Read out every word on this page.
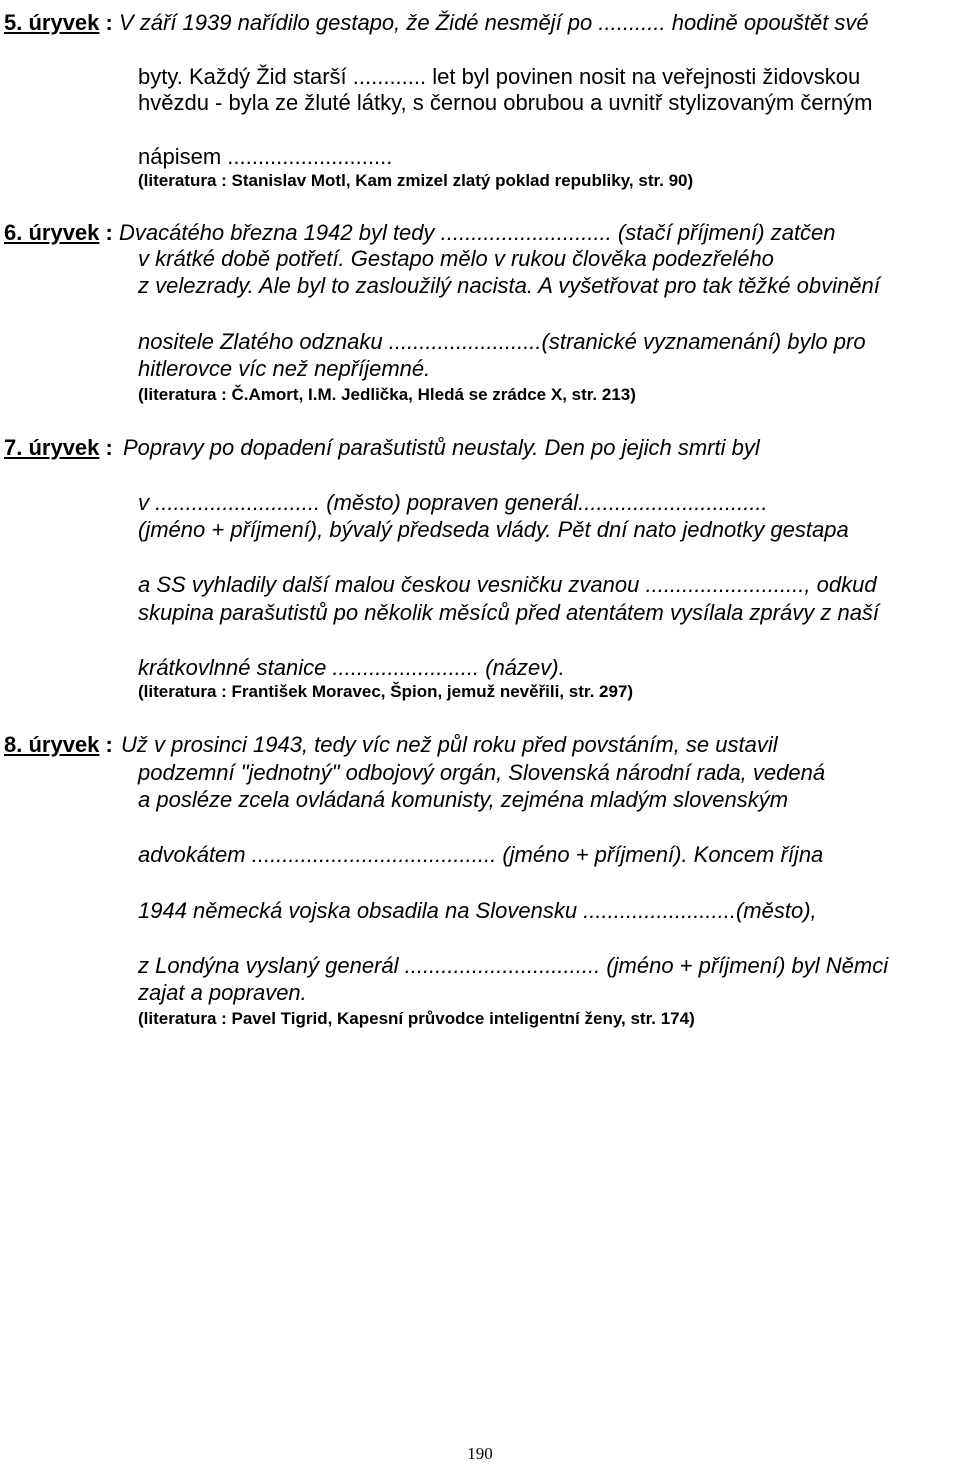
5. úryvek : V září 1939 nařídilo gestapo, že Židé nesmějí po ........... hodině opouštět své
byty. Každý Žid starší ............ let byl povinen nosit na veřejnosti židovskou
hvězdu - byla ze žluté látky, s černou obrubou a uvnitř stylizovaným černým
nápisem ...........................
(literatura : Stanislav Motl, Kam zmizel zlatý poklad republiky, str. 90)
6. úryvek : Dvacátého března 1942 byl tedy ............................ (stačí příjmení) zatčen
v krátké době potřetí. Gestapo mělo v rukou člověka podezřelého
z velezrady. Ale byl to zasloužilý nacista. A vyšetřovat pro tak těžké obvinění
nositele Zlatého odznaku .........................(stranické vyznamenání) bylo pro
hitlerovce víc než nepříjemné.
(literatura : Č.Amort, I.M. Jedlička, Hledá se zrádce X, str. 213)
7. úryvek : Popravy po dopadení parašutistů neustaly. Den po jejich smrti byl
v ........................... (město) popraven generál...............................
(jméno + příjmení), bývalý předseda vlády. Pět dní nato jednotky gestapa
a SS vyhladily další malou českou vesničku zvanou .........................., odkud
skupina parašutistů po několik měsíců před atentátem vysílala zprávy z naší
krátkovlnné stanice ........................ (název).
(literatura : František Moravec, Špion, jemuž nevěřili, str. 297)
8. úryvek : Už v prosinci 1943, tedy víc než půl roku před povstáním, se ustavil
podzemní "jednotný" odbojový orgán, Slovenská národní rada, vedená
a posléze zcela ovládaná komunisty, zejména mladým slovenským
advokátem ........................................ (jméno + příjmení). Koncem října
1944 německá vojska obsadila na Slovensku .........................(město),
z Londýna vyslaný generál ................................ (jméno + příjmení) byl Němci
zajat a popraven.
(literatura : Pavel Tigrid, Kapesní průvodce inteligentní ženy, str. 174)
190
